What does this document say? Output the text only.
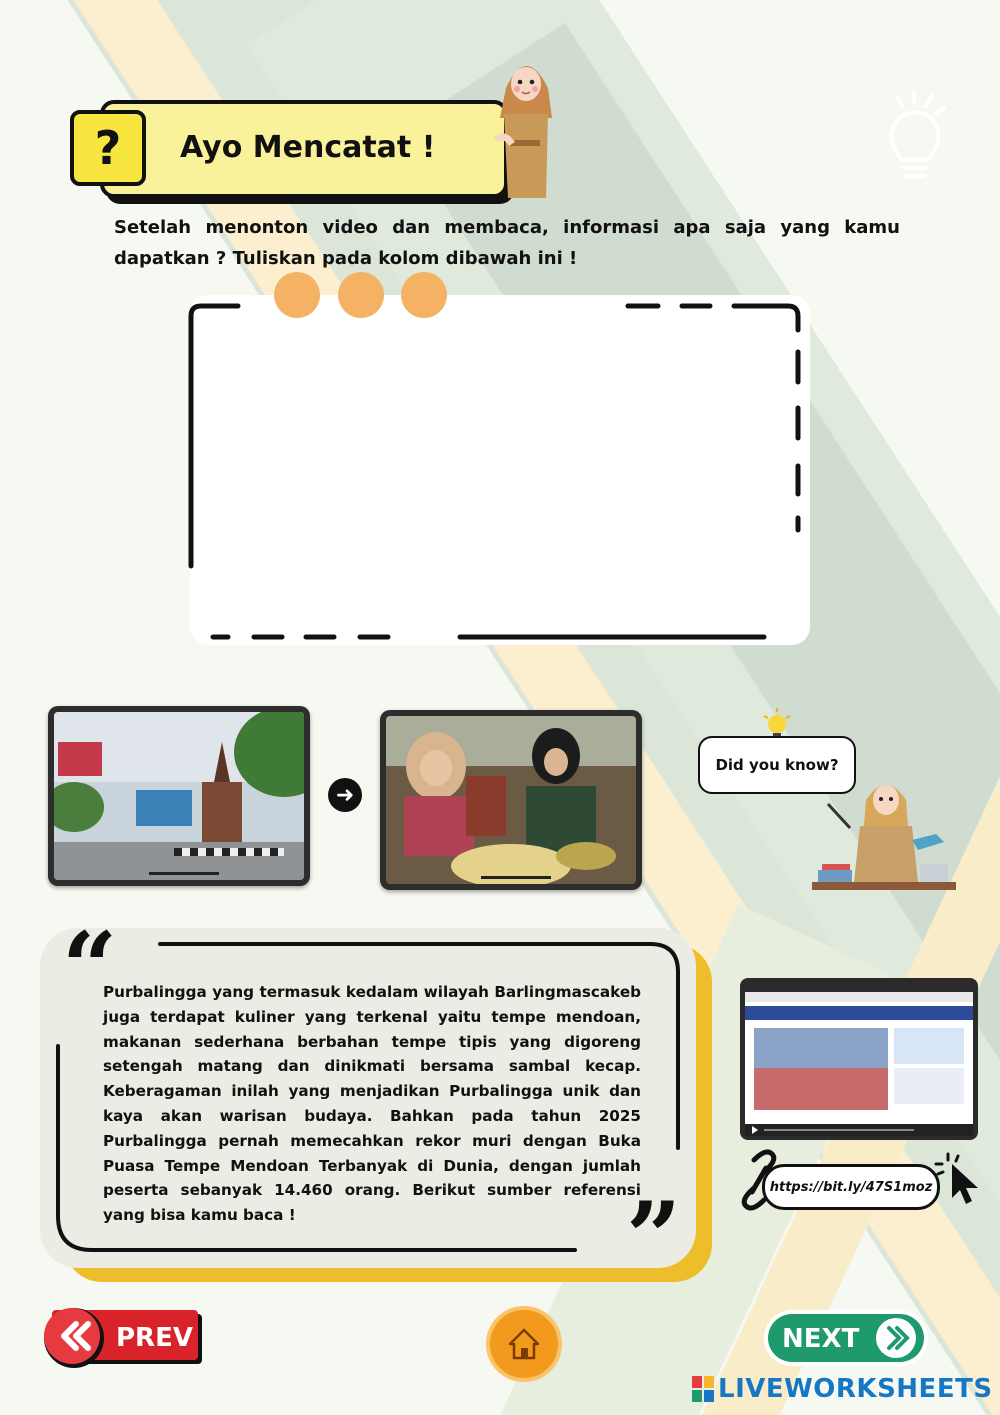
?	Ayo Mencatat !
Setelah menonton video dan membaca, informasi apa saja yang kamu dapatkan ? Tuliskan pada kolom dibawah ini !
➜
Did you know?
“
”
Purbalingga yang termasuk kedalam wilayah Barlingmascakeb juga terdapat kuliner yang terkenal yaitu tempe mendoan, makanan sederhana berbahan tempe tipis yang digoreng setengah matang dan dinikmati bersama sambal kecap. Keberagaman inilah yang menjadikan Purbalingga unik dan kaya akan warisan budaya. Bahkan pada tahun 2025 Purbalingga pernah memecahkan rekor muri dengan Buka Puasa Tempe Mendoan Terbanyak di Dunia, dengan jumlah peserta sebanyak 14.460 orang. Berikut sumber referensi yang bisa kamu baca !
https://bit.ly/47S1moz
PREV	NEXT
LIVEWORKSHEETS
